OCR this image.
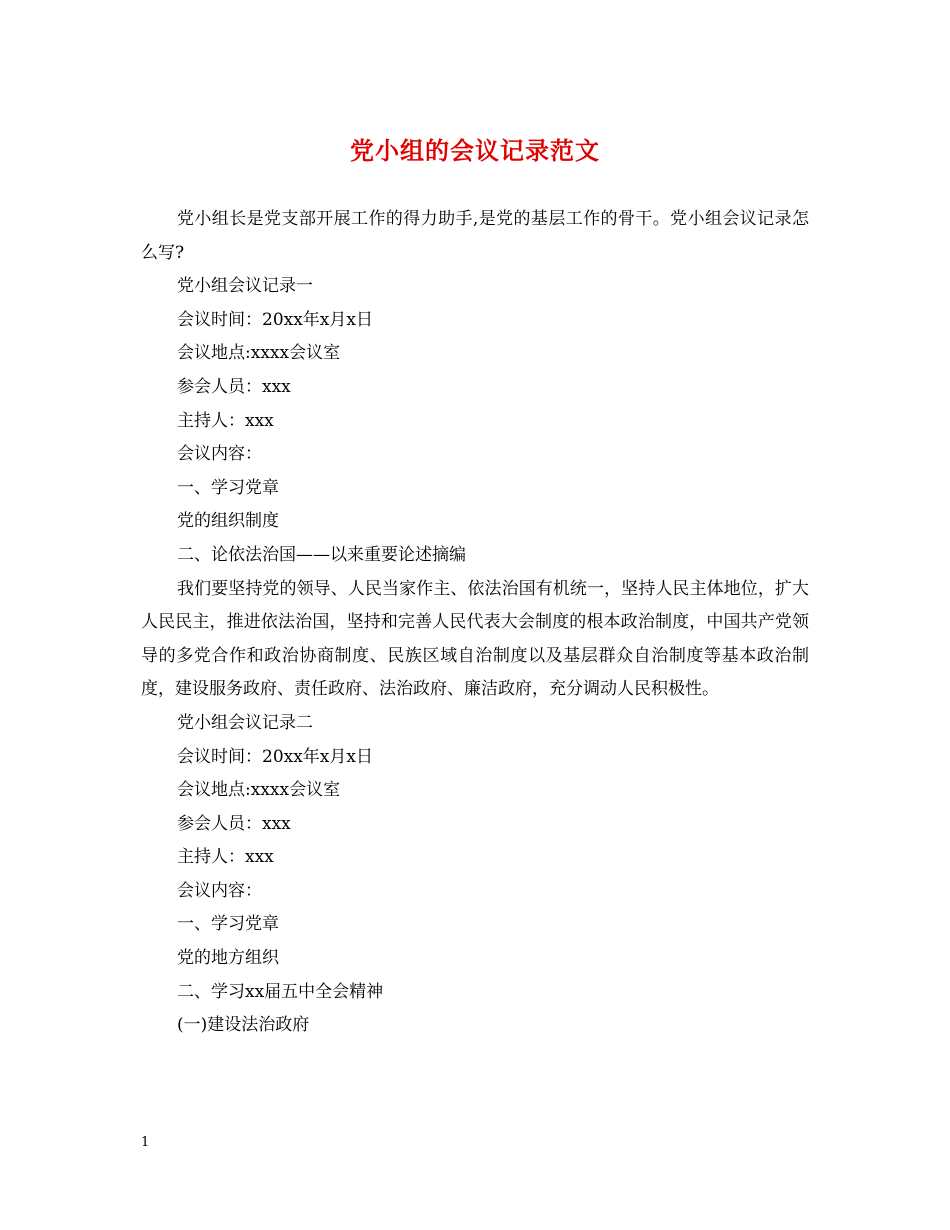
党小组的会议记录范文

党小组长是党支部开展工作的得力助手,是党的基层工作的骨干。党小组会议记录怎么写?

党小组会议记录一

会议时间：20xx年x月x日

会议地点:xxxx会议室

参会人员：xxx

主持人：xxx

会议内容：

一、学习党章

党的组织制度

二、论依法治国——以来重要论述摘编

我们要坚持党的领导、人民当家作主、依法治国有机统一，坚持人民主体地位，扩大人民民主，推进依法治国，坚持和完善人民代表大会制度的根本政治制度，中国共产党领导的多党合作和政治协商制度、民族区域自治制度以及基层群众自治制度等基本政治制度，建设服务政府、责任政府、法治政府、廉洁政府，充分调动人民积极性。

党小组会议记录二

会议时间：20xx年x月x日

会议地点:xxxx会议室

参会人员：xxx

主持人：xxx

会议内容：

一、学习党章

党的地方组织

二、学习xx届五中全会精神

(一)建设法治政府

1
